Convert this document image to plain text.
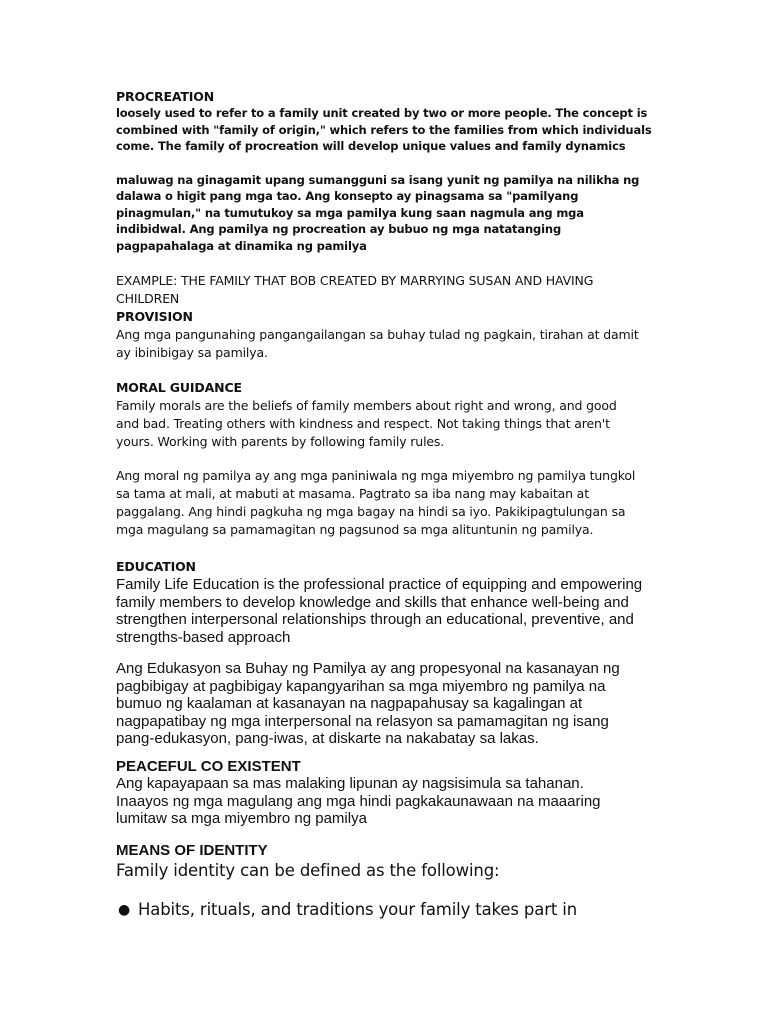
PROCREATION

loosely used to refer to a family unit created by two or more people. The concept is combined with "family of origin," which refers to the families from which individuals come. The family of procreation will develop unique values and family dynamics

maluwag na ginagamit upang sumangguni sa isang yunit ng pamilya na nilikha ng dalawa o higit pang mga tao. Ang konsepto ay pinagsama sa "pamilyang pinagmulan," na tumutukoy sa mga pamilya kung saan nagmula ang mga indibidwal. Ang pamilya ng procreation ay bubuo ng mga natatanging pagpapahalaga at dinamika ng pamilya

EXAMPLE: THE FAMILY THAT BOB CREATED BY MARRYING SUSAN AND HAVING CHILDREN

PROVISION

Ang mga pangunahing pangangailangan sa buhay tulad ng pagkain, tirahan at damit ay ibinibigay sa pamilya.

MORAL GUIDANCE

Family morals are the beliefs of family members about right and wrong, and good and bad. Treating others with kindness and respect. Not taking things that aren't yours. Working with parents by following family rules.

Ang moral ng pamilya ay ang mga paniniwala ng mga miyembro ng pamilya tungkol sa tama at mali, at mabuti at masama. Pagtrato sa iba nang may kabaitan at paggalang. Ang hindi pagkuha ng mga bagay na hindi sa iyo. Pakikipagtulungan sa mga magulang sa pamamagitan ng pagsunod sa mga alituntunin ng pamilya.

EDUCATION

Family Life Education is the professional practice of equipping and empowering family members to develop knowledge and skills that enhance well-being and strengthen interpersonal relationships through an educational, preventive, and strengths-based approach

Ang Edukasyon sa Buhay ng Pamilya ay ang propesyonal na kasanayan ng pagbibigay at pagbibigay kapangyarihan sa mga miyembro ng pamilya na bumuo ng kaalaman at kasanayan na nagpapahusay sa kagalingan at nagpapatibay ng mga interpersonal na relasyon sa pamamagitan ng isang pang-edukasyon, pang-iwas, at diskarte na nakabatay sa lakas.

PEACEFUL CO EXISTENT

Ang kapayapaan sa mas malaking lipunan ay nagsisimula sa tahanan. Inaayos ng mga magulang ang mga hindi pagkakaunawaan na maaaring lumitaw sa mga miyembro ng pamilya

MEANS OF IDENTITY

Family identity can be defined as the following:

● Habits, rituals, and traditions your family takes part in
